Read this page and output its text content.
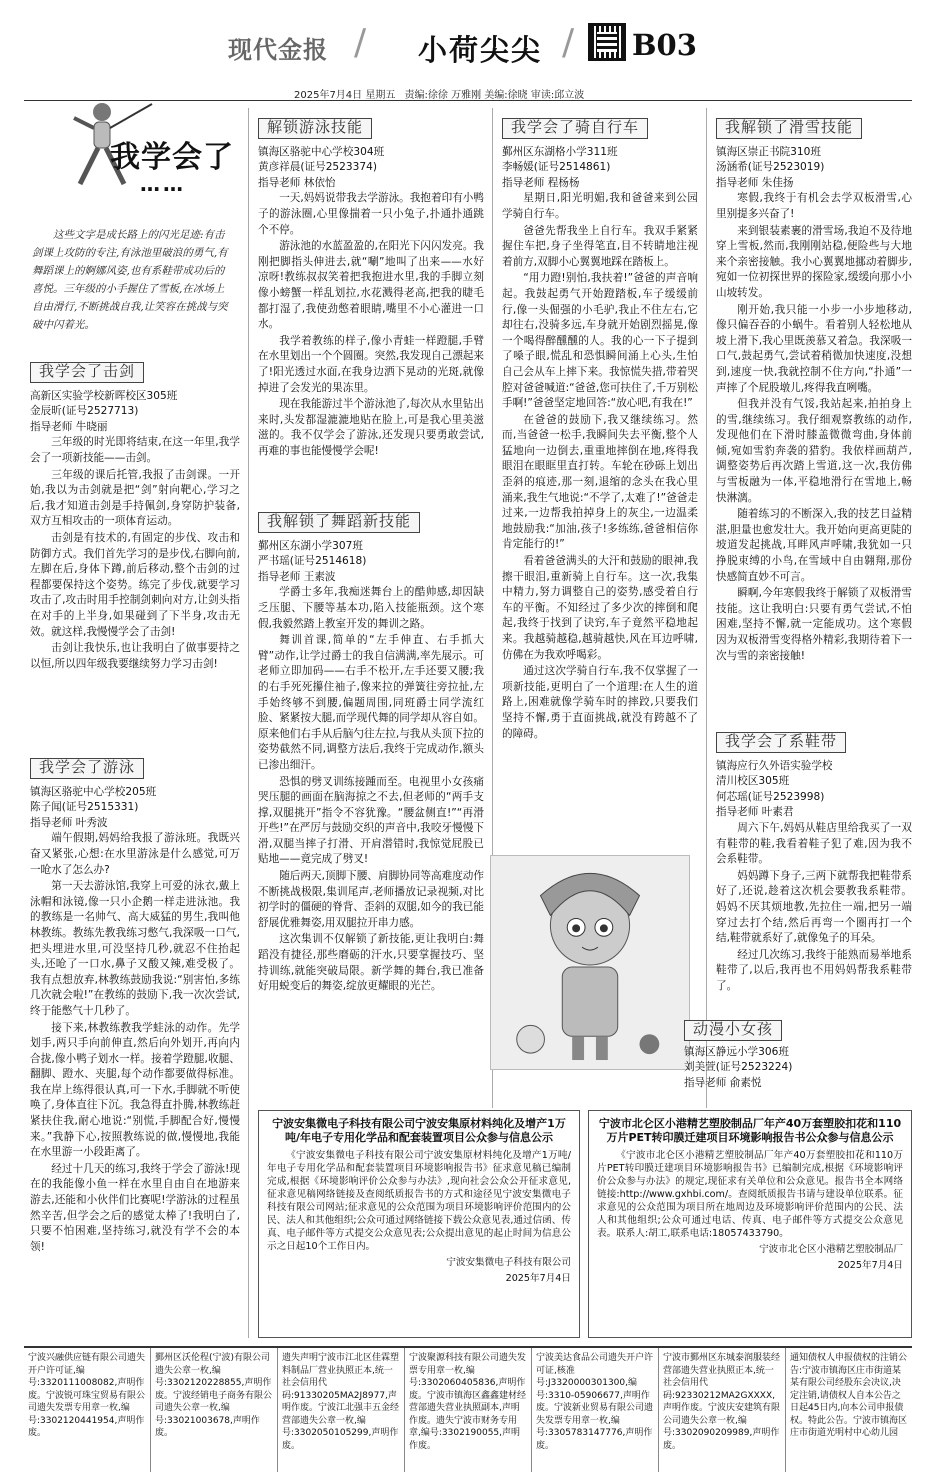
现代金报 / 小荷尖尖 / B03
2025年7月4日 星期五 责编:徐徐 万雅刚 美编:徐晓 审读:邱立波
我学会了
……
这些文字是成长路上的闪光足迹:有击剑课上攻防的专注,有泳池里破浪的勇气,有舞蹈课上的婀娜风姿,也有系鞋带成功后的喜悦。三年级的小手握住了雪板,在冰场上自由滑行,不断挑战自我,让笑容在挑战与突破中闪着光。
我学会了击剑
高新区实验学校新晖校区305班
金辰昕(证号2527713)
指导老师 牛晓丽

三年级的时光即将结束,在这一年里,我学会了一项新技能——击剑。

三年级的课后托管,我报了击剑课。一开始,我以为击剑就是把“剑”射向靶心,学习之后,我才知道击剑是手持佩剑,身穿防护装备,双方互相攻击的一项体育运动。

击剑是有技术的,有固定的步伐、攻击和防御方式。我们首先学习的是步伐,右脚向前,左脚在后,身体下蹲,前后移动,整个击剑的过程都要保持这个姿势。练完了步伐,就要学习攻击了,攻击时用手控制剑刺向对方,让剑头指在对手的上半身,如果碰到了下半身,攻击无效。就这样,我慢慢学会了击剑!

击剑让我快乐,也让我明白了做事要持之以恒,所以四年级我要继续努力学习击剑!

我学会了游泳
镇海区骆驼中心学校205班
陈子闻(证号2515331)
指导老师 叶秀波

端午假期,妈妈给我报了游泳班。我既兴奋又紧张,心想:在水里游泳是什么感觉,可万一呛水了怎么办?

第一天去游泳馆,我穿上可爱的泳衣,戴上泳帽和泳镜,像一只小企鹅一样走进泳池。我的教练是一名帅气、高大威猛的男生,我叫他林教练。教练先教我练习憋气,我深吸一口气,把头埋进水里,可没坚持几秒,就忍不住抬起头,还呛了一口水,鼻子又酸又辣,难受极了。我有点想放弃,林教练鼓励我说:“别害怕,多练几次就会啦!”在教练的鼓励下,我一次次尝试,终于能憋气十几秒了。

接下来,林教练教我学蛙泳的动作。先学划手,两只手向前伸直,然后向外划开,再向内合拢,像小鸭子划水一样。接着学蹬腿,收腿、翻脚、蹬水、夹腿,每个动作都要做得标准。我在岸上练得很认真,可一下水,手脚就不听使唤了,身体直往下沉。我急得直扑腾,林教练赶紧扶住我,耐心地说:“别慌,手脚配合好,慢慢来。”我静下心,按照教练说的做,慢慢地,我能在水里游一小段距离了。

经过十几天的练习,我终于学会了游泳!现在的我能像小鱼一样在水里自由自在地游来游去,还能和小伙伴们比赛呢!学游泳的过程虽然辛苦,但学会之后的感觉太棒了!我明白了,只要不怕困难,坚持练习,就没有学不会的本领!

解锁游泳技能
镇海区骆驼中心学校304班
黄彦祥晨(证号2523374)
指导老师 林依怡

一天,妈妈说带我去学游泳。我抱着印有小鸭子的游泳圈,心里像揣着一只小兔子,扑通扑通跳个不停。

游泳池的水蓝盈盈的,在阳光下闪闪发亮。我刚把脚指头伸进去,就“唰”地叫了出来——水好凉呀!教练叔叔笑着把我抱进水里,我的手脚立刻像小螃蟹一样乱划拉,水花溅得老高,把我的睫毛都打湿了,我使劲憋着眼睛,嘴里不小心灌进一口水。

我学着教练的样子,像小青蛙一样蹬腿,手臂在水里划出一个个圆圈。突然,我发现自己漂起来了!阳光透过水面,在我身边洒下晃动的光斑,就像掉进了会发光的果冻里。

现在我能游过半个游泳池了,每次从水里钻出来时,头发都湿漉漉地贴在脸上,可是我心里美滋滋的。我不仅学会了游泳,还发现只要勇敢尝试,再难的事也能慢慢学会呢!

我解锁了舞蹈新技能
鄞州区东湖小学307班
严书瑶(证号2514618)
指导老师 王素波

学爵士多年,我痴迷舞台上的酷帅感,却因缺乏压腿、下腰等基本功,陷入技能瓶颈。这个寒假,我毅然踏上教室开发的舞训之路。

舞训首课,简单的“左手伸直、右手抓大臂”动作,让学过爵士的我自信满满,率先展示。可老师立即加码——右手不松开,左手还要又腰;我的右手死死攥住袖子,像来拉的弹簧往旁拉扯,左手始终够不到腰,偏题周围,同班爵士同学流红脸、紧紧按大腿,而学现代舞的同学却从容自如。原来他们右手从后脑勺往左拉,与我从头顶下拉的姿势截然不同,调整方法后,我终于完成动作,额头已渗出细汗。

恐惧的劈叉训练接踵而至。电视里小女孩痛哭压腿的画面在脑海掠之不去,但老师的“两手支撑,双腿挑开”指令不容犹豫。“腰盆侧直!”“再滑开些!”在严厉与鼓励交织的声音中,我咬牙慢慢下滑,双腿当摔子打滑、开肩潜错时,我惊觉屁股已贴地——竟完成了劈叉!

随后两天,顶脚下腰、肩脚协同等高难度动作不断挑战极限,集训尾声,老师播放记录视频,对比初学时的僵硬的脊背、歪斜的双腿,如今的我已能舒展优雅舞姿,用双腿拉开串力感。

这次集训不仅解锁了新技能,更让我明白:舞蹈没有捷径,那些磨砺的汗水,只要掌握技巧、坚持训练,就能突破局限。新学舞的舞台,我已准备好用蜕变后的舞姿,绽放更耀眼的光芒。

我学会了骑自行车
鄞州区东湖格小学311班
李畅媛(证号2514861)
指导老师 程杨杨

星期日,阳光明媚,我和爸爸来到公园学骑自行车。

爸爸先帮我坐上自行车。我双手紧紧握住车把,身子坐得笔直,目不转睛地注视着前方,双脚小心翼翼地踩在踏板上。

“用力蹬!别怕,我扶着!”爸爸的声音响起。我鼓起勇气开始蹬踏板,车子缓缓前行,像一头倔强的小毛驴,我止不住左右,它却往右,没骑多远,车身就开始剧烈摇晃,像一个喝得醉醺醺的人。我的心一下子提到了嗓子眼,慌乱和恐惧瞬间涌上心头,生怕自己会从车上摔下来。我惊慌失措,带着哭腔对爸爸喊道:“爸爸,您可扶住了,千万别松手啊!”爸爸坚定地回答:“放心吧,有我在!”

在爸爸的鼓励下,我又继续练习。然而,当爸爸一松手,我瞬间失去平衡,整个人猛地向一边倒去,重重地摔倒在地,疼得我眼泪在眼眶里直打转。车轮在砂砾上划出歪斜的痕迹,那一刻,退缩的念头在我心里涌来,我生气地说:“不学了,太难了!”爸爸走过来,一边帮我拍掉身上的灰尘,一边温柔地鼓励我:“加油,孩子!多练练,爸爸相信你肯定能行的!”

看着爸爸满头的大汗和鼓励的眼神,我擦干眼泪,重新骑上自行车。这一次,我集中精力,努力调整自己的姿势,感受着自行车的平衡。不知经过了多少次的摔倒和爬起,我终于找到了诀窍,车子竟然平稳地起来。我越骑越稳,越骑越快,风在耳边呼啸,仿佛在为我欢呼喝彩。

通过这次学骑自行车,我不仅掌握了一项新技能,更明白了一个道理:在人生的道路上,困难就像学骑车时的摔跤,只要我们坚持不懈,勇于直面挑战,就没有跨越不了的障碍。

我解锁了滑雪技能
镇海区崇正书院310班
汤涵希(证号2523019)
指导老师 朱佳扬

寒假,我终于有机会去学双板滑雪,心里别提多兴奋了!

来到银装素裹的滑雪场,我迫不及待地穿上雪板,然而,我刚刚站稳,便险些与大地来个亲密接触。我小心翼翼地挪动着脚步,宛如一位初探世界的探险家,缓缓向那小小山坡转发。

刚开始,我只能一小步一小步地移动,像只偏吞吞的小蜗牛。看着别人轻松地从坡上滑下,我心里既羡慕又着急。我深吸一口气,鼓起勇气,尝试着稍微加快速度,没想到,速度一快,我就控制不住方向,“扑通”一声摔了个屁股墩儿,疼得我直咧嘴。

但我并没有气馁,我站起来,拍拍身上的雪,继续练习。我仔细观察教练的动作,发现他们在下滑时膝盖微微弯曲,身体前倾,宛如雪豹奔袭的猎豹。我依样画葫芦,调整姿势后再次踏上雪道,这一次,我仿佛与雪板融为一体,平稳地滑行在雪地上,畅快淋漓。

随着练习的不断深入,我的技艺日益精湛,胆量也愈发壮大。我开始向更高更陡的坡道发起挑战,耳畔风声呼啸,我犹如一只挣脱束缚的小鸟,在雪域中自由翱翔,那份快感简直妙不可言。

瞬啊,今年寒假我终于解锁了双板滑雪技能。这让我明白:只要有勇气尝试,不怕困难,坚持不懈,就一定能成功。这个寒假因为双板滑雪变得格外精彩,我期待着下一次与雪的亲密接触!

我学会了系鞋带
镇海应行久外语实验学校
清川校区305班
何芯瑶(证号2523998)
指导老师 叶素君

周六下午,妈妈从鞋店里给我买了一双有鞋带的鞋,我看着鞋子犯了难,因为我不会系鞋带。

妈妈蹲下身子,三两下就帮我把鞋带系好了,还说,趁着这次机会要教我系鞋带。妈妈不厌其烦地教,先拉住一端,把另一端穿过去打个结,然后再弯一个圈再打一个结,鞋带就系好了,就像兔子的耳朵。

经过几次练习,我终于能熟而易举地系鞋带了,以后,我再也不用妈妈帮我系鞋带了。

动漫小女孩
镇海区静远小学306班
刘美萱(证号2523224)
指导老师 俞素悦
宁波安集微电子科技有限公司宁波安集原材料纯化及增产1万吨/年电子专用化学品和配套装置项目公众参与信息公示
《宁波安集微电子科技有限公司宁波安集原材料纯化及增产1万吨/年电子专用化学品和配套装置项目环境影响报告书》征求意见稿已编制完成,根据《环境影响评价公众参与办法》,现向社会公众公开征求意见,征求意见稿网络链接及查阅纸质报告书的方式和途径见宁波安集微电子科技有限公司网站;征求意见的公众范围为项目环境影响评价范围内的公民、法人和其他组织;公众可通过网络链接下载公众意见表,通过信函、传真、电子邮件等方式提交公众意见表;公众提出意见的起止时间为信息公示之日起10个工作日内。
宁波安集微电子科技有限公司
2025年7月4日
宁波市北仑区小港精艺塑胶制品厂年产40万套塑胶扣花和110万片PET转印膜迁建项目环境影响报告书公众参与信息公示
《宁波市北仑区小港精艺塑胶制品厂年产40万套塑胶扣花和110万片PET转印膜迁建项目环境影响报告书》已编制完成,根据《环境影响评价公众参与办法》的规定,现征求有关单位和公众意见。报告书全本网络链接:http://www.gxhbi.com/。查阅纸质报告书请与建设单位联系。征求意见的公众范围为项目所在地周边及环境影响评价范围内的公民、法人和其他组织;公众可通过电话、传真、电子邮件等方式提交公众意见表。联系人:胡工,联系电话:18057433790。
宁波市北仑区小港精艺塑胶制品厂
2025年7月4日
宁波兴融供应链有限公司遗失开户许可证,编号:3320111008082,声明作废。宁波锐可珠宝贸易有限公司遗失发票专用章一枚,编号:3302120441954,声明作废。
鄞州区沃伦程(宁波)有限公司遗失公章一枚,编号:3302120228855,声明作废。宁波经销电子商务有限公司遗失公章一枚,编号:33021003678,声明作废。
遗失声明宁波市江北区佳霖塑料制品厂营业执照正本,统一社会信用代码:91330205MA2J8977,声明作废。宁波江北强丰五金经营部遗失公章一枚,编号:3302050105299,声明作废。
宁波聚源科技有限公司遗失发票专用章一枚,编号:3302060405836,声明作废。宁波市镇海区鑫鑫建材经营部遗失营业执照副本,声明作废。遗失宁波市财务专用章,编号:3302190055,声明作废。
宁波美达食品公司遗失开户许可证,核准号:J3320000301300,编号:3310-05906677,声明作废。宁波新业贸易有限公司遗失发票专用章一枚,编号:3305783147776,声明作废。
宁波市鄞州区东城泰润服装经营部遗失营业执照正本,统一社会信用代码:92330212MA2GXXXX,声明作废。宁波庆安建筑有限公司遗失公章一枚,编号:3302090209989,声明作废。
通知债权人申报债权的注销公告:宁波市镇海区庄市街道某某有限公司经股东会决议,决定注销,请债权人自本公告之日起45日内,向本公司申报债权。特此公告。宁波市镇海区庄市街道光明村中心幼儿园
